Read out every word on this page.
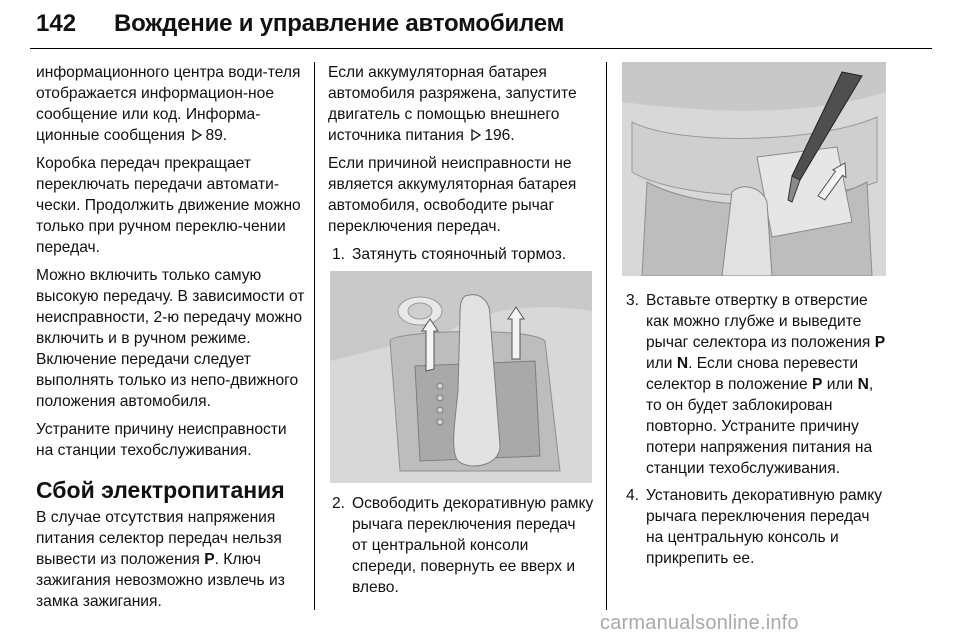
142 Вождение и управление автомобилем

информационного центра води-теля отображается информацион-ное сообщение или код. Информа-ционные сообщения 89.

Коробка передач прекращает переключать передачи автомати-чески. Продолжить движение можно только при ручном переклю-чении передач.

Можно включить только самую высокую передачу. В зависимости от неисправности, 2-ю передачу можно включить и в ручном режиме. Включение передачи следует выполнять только из непо-движного положения автомобиля.

Устраните причину неисправности на станции техобслуживания.

Сбой электропитания

В случае отсутствия напряжения питания селектор передач нельзя вывести из положения P. Ключ зажигания невозможно извлечь из замка зажигания.

Если аккумуляторная батарея автомобиля разряжена, запустите двигатель с помощью внешнего источника питания 196.

Если причиной неисправности не является аккумуляторная батарея автомобиля, освободите рычаг переключения передач.

1. Затянуть стояночный тормоз.
2. Освободить декоративную рамку рычага переключения передач от центральной консоли спереди, повернуть ее вверх и влево.
3. Вставьте отвертку в отверстие как можно глубже и выведите рычаг селектора из положения P или N. Если снова перевести селектор в положение P или N, то он будет заблокирован повторно. Устраните причину потери напряжения питания на станции техобслуживания.
4. Установить декоративную рамку рычага переключения передач на центральную консоль и прикрепить ее.
carmanualsonline.info
